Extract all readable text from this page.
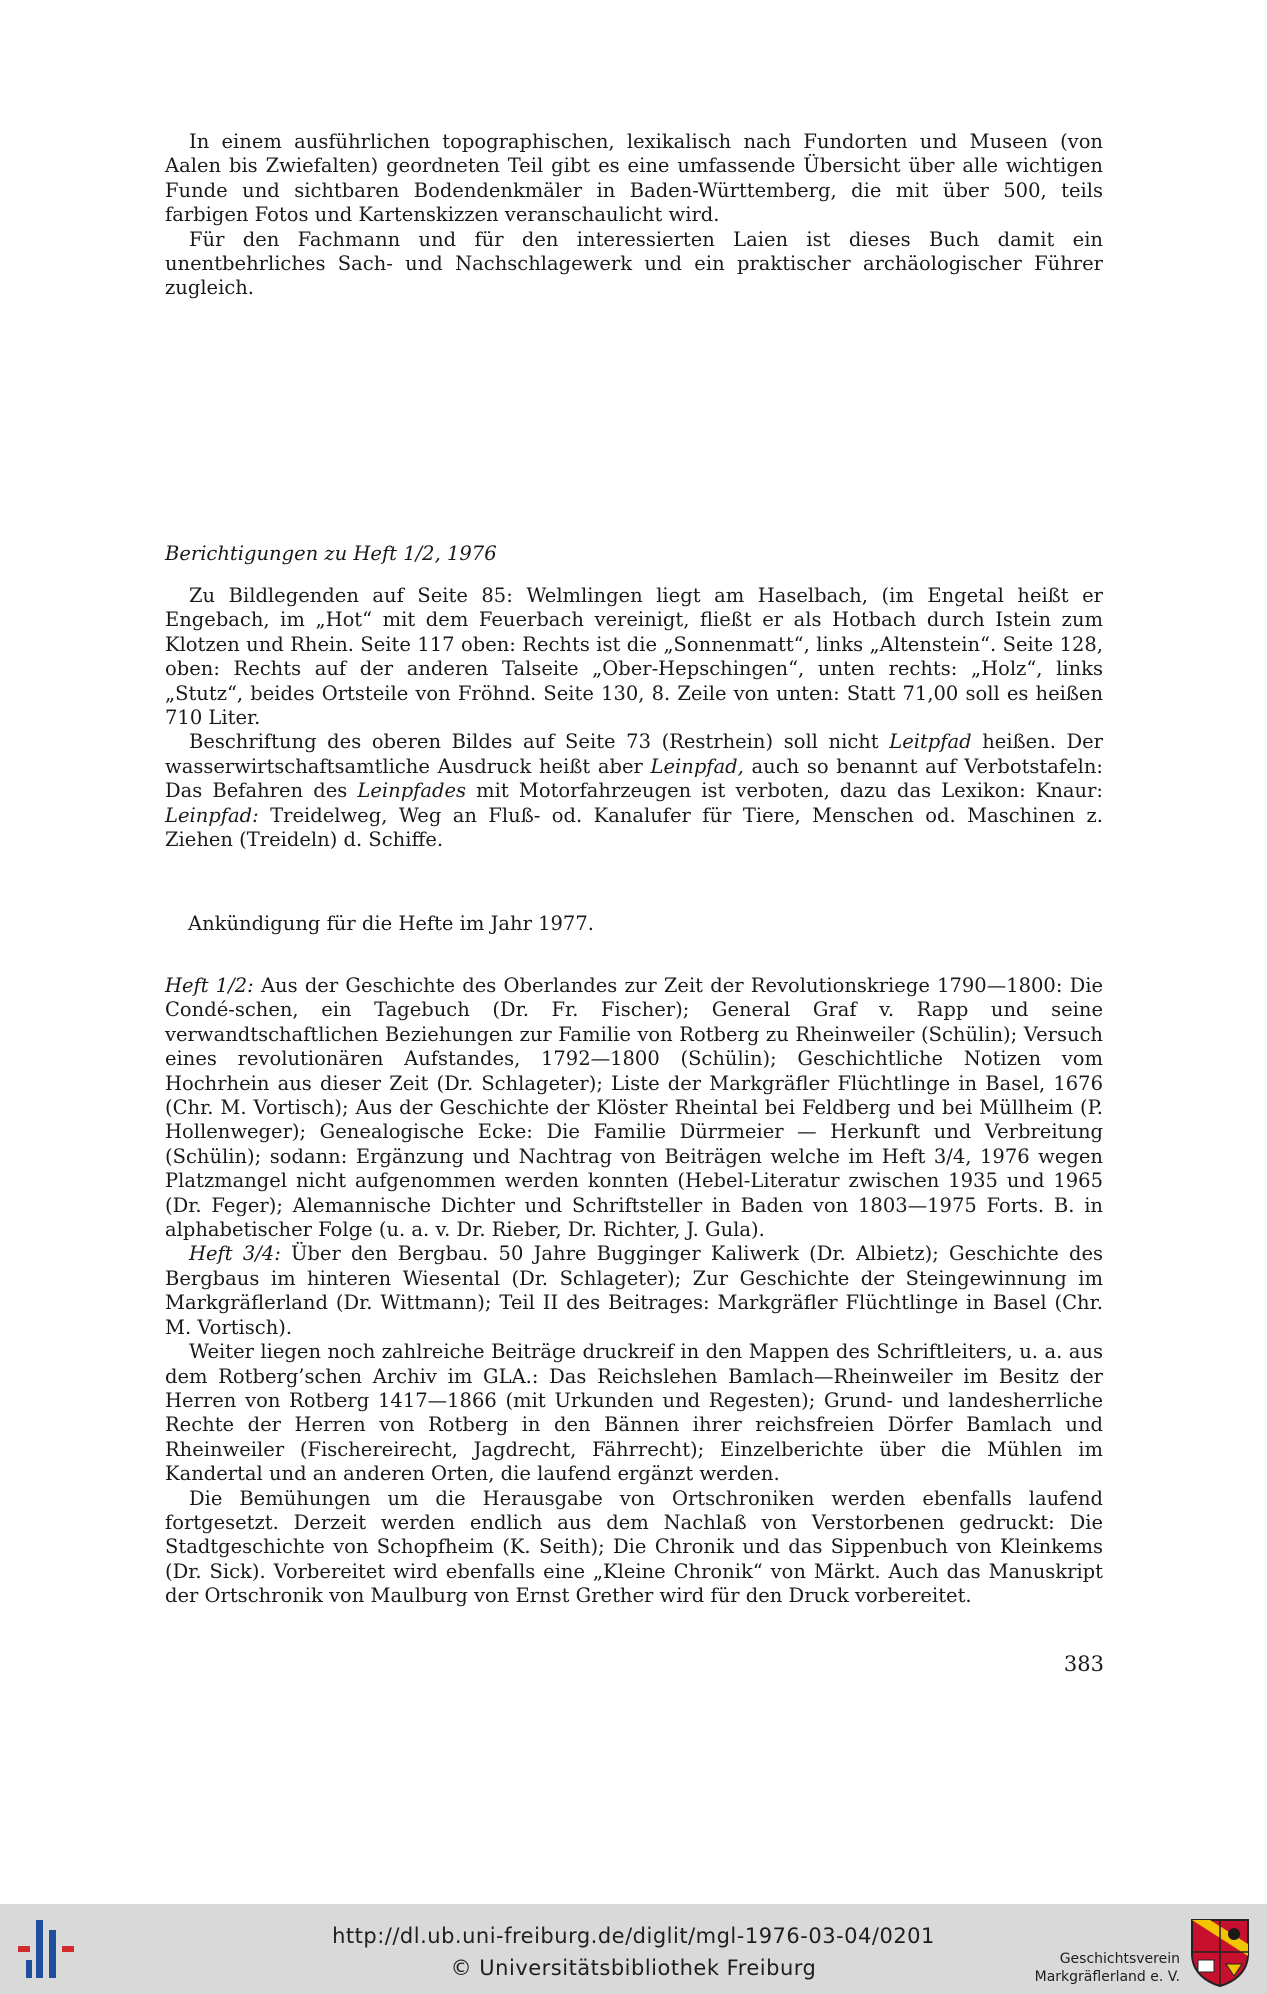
In einem ausführlichen topographischen, lexikalisch nach Fundorten und Museen (von Aalen bis Zwiefalten) geordneten Teil gibt es eine umfassende Übersicht über alle wichtigen Funde und sichtbaren Bodendenkmäler in Baden-Württemberg, die mit über 500, teils farbigen Fotos und Kartenskizzen veranschaulicht wird.

Für den Fachmann und für den interessierten Laien ist dieses Buch damit ein unentbehrliches Sach- und Nachschlagewerk und ein praktischer archäologischer Führer zugleich.

Berichtigungen zu Heft 1/2, 1976

Zu Bildlegenden auf Seite 85: Welmlingen liegt am Haselbach, (im Engetal heißt er Engebach, im „Hot“ mit dem Feuerbach vereinigt, fließt er als Hotbach durch Istein zum Klotzen und Rhein. Seite 117 oben: Rechts ist die „Sonnenmatt“, links „Altenstein“. Seite 128, oben: Rechts auf der anderen Talseite „Ober-Hepschingen“, unten rechts: „Holz“, links „Stutz“, beides Ortsteile von Fröhnd. Seite 130, 8. Zeile von unten: Statt 71,00 soll es heißen 710 Liter.

Beschriftung des oberen Bildes auf Seite 73 (Restrhein) soll nicht Leitpfad heißen. Der wasserwirtschaftsamtliche Ausdruck heißt aber Leinpfad, auch so benannt auf Verbotstafeln: Das Befahren des Leinpfades mit Motorfahrzeugen ist verboten, dazu das Lexikon: Knaur: Leinpfad: Treidelweg, Weg an Fluß- od. Kanalufer für Tiere, Menschen od. Maschinen z. Ziehen (Treideln) d. Schiffe.

Ankündigung für die Hefte im Jahr 1977.

Heft 1/2: Aus der Geschichte des Oberlandes zur Zeit der Revolutionskriege 1790—1800: Die Condé-schen, ein Tagebuch (Dr. Fr. Fischer); General Graf v. Rapp und seine verwandtschaftlichen Beziehungen zur Familie von Rotberg zu Rheinweiler (Schülin); Versuch eines revolutionären Aufstandes, 1792—1800 (Schülin); Geschichtliche Notizen vom Hochrhein aus dieser Zeit (Dr. Schlageter); Liste der Markgräfler Flüchtlinge in Basel, 1676 (Chr. M. Vortisch); Aus der Geschichte der Klöster Rheintal bei Feldberg und bei Müllheim (P. Hollenweger); Genealogische Ecke: Die Familie Dürrmeier — Herkunft und Verbreitung (Schülin); sodann: Ergänzung und Nachtrag von Beiträgen welche im Heft 3/4, 1976 wegen Platzmangel nicht aufgenommen werden konnten (Hebel-Literatur zwischen 1935 und 1965 (Dr. Feger); Alemannische Dichter und Schriftsteller in Baden von 1803—1975 Forts. B. in alphabetischer Folge (u. a. v. Dr. Rieber, Dr. Richter, J. Gula).

Heft 3/4: Über den Bergbau. 50 Jahre Bugginger Kaliwerk (Dr. Albietz); Geschichte des Bergbaus im hinteren Wiesental (Dr. Schlageter); Zur Geschichte der Steingewinnung im Markgräflerland (Dr. Wittmann); Teil II des Beitrages: Markgräfler Flüchtlinge in Basel (Chr. M. Vortisch).

Weiter liegen noch zahlreiche Beiträge druckreif in den Mappen des Schriftleiters, u. a. aus dem Rotberg’schen Archiv im GLA.: Das Reichslehen Bamlach—Rheinweiler im Besitz der Herren von Rotberg 1417—1866 (mit Urkunden und Regesten); Grund- und landesherrliche Rechte der Herren von Rotberg in den Bännen ihrer reichsfreien Dörfer Bamlach und Rheinweiler (Fischereirecht, Jagdrecht, Fährrecht); Einzelberichte über die Mühlen im Kandertal und an anderen Orten, die laufend ergänzt werden.

Die Bemühungen um die Herausgabe von Ortschroniken werden ebenfalls laufend fortgesetzt. Derzeit werden endlich aus dem Nachlaß von Verstorbenen gedruckt: Die Stadtgeschichte von Schopfheim (K. Seith); Die Chronik und das Sippenbuch von Kleinkems (Dr. Sick). Vorbereitet wird ebenfalls eine „Kleine Chronik“ von Märkt. Auch das Manuskript der Ortschronik von Maulburg von Ernst Grether wird für den Druck vorbereitet.

383
http://dl.ub.uni-freiburg.de/diglit/mgl-1976-03-04/0201
© Universitätsbibliothek Freiburg	Geschichtsverein
Markgräflerland e. V.
